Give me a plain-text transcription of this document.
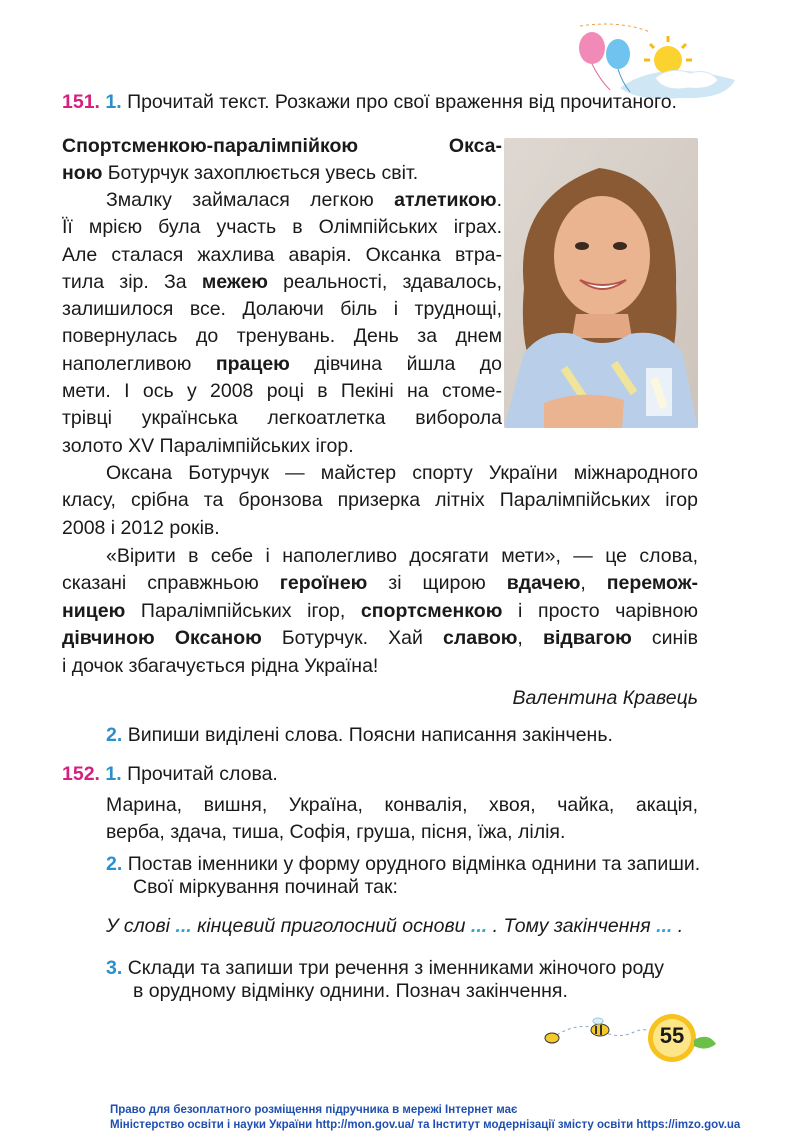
151. 1. Прочитай текст. Розкажи про свої враження від прочитаного.
Спортсменкою-паралімпійкою Окса-
ною Ботурчук захоплюється увесь світ.
Змалку займалася легкою атлетикою.
Її мрією була участь в Олімпійських іграх.
Але сталася жахлива аварія. Оксанка втра-
тила зір. За межею реальності, здавалось,
залишилося все. Долаючи біль і труднощі,
повернулась до тренувань. День за днем
наполегливою працею дівчина йшла до
мети. І ось у 2008 році в Пекіні на стоме-
трівці українська легкоатлетка виборола
золото XV Паралімпійських ігор.
Оксана Ботурчук — майстер спорту України міжнародного
класу, срібна та бронзова призерка літніх Паралімпійських ігор
2008 і 2012 років.
«Вірити в себе і наполегливо досягати мети», — це слова,
сказані справжньою героїнею зі щирою вдачею, перемож-
ницею Паралімпійських ігор, спортсменкою і просто чарівною
дівчиною Оксаною Ботурчук. Хай славою, відвагою синів
і дочок збагачується рідна Україна!
Валентина Кравець
2. Випиши виділені слова. Поясни написання закінчень.
152. 1. Прочитай слова.
Марина, вишня, Україна, конвалія, хвоя, чайка, акація,
верба, здача, тиша, Софія, груша, пісня, їжа, лілія.
2. Постав іменники у форму орудного відмінка однини та запиши.
Свої міркування починай так:
У слові ... кінцевий приголосний основи ... . Тому закінчення ... .
3. Склади та запиши три речення з іменниками жіночого роду
в орудному відмінку однини. Познач закінчення.
55
Право для безоплатного розміщення підручника в мережі Інтернет має
Міністерство освіти і науки України http://mon.gov.ua/ та Інститут модернізації змісту освіти https://imzo.gov.ua
